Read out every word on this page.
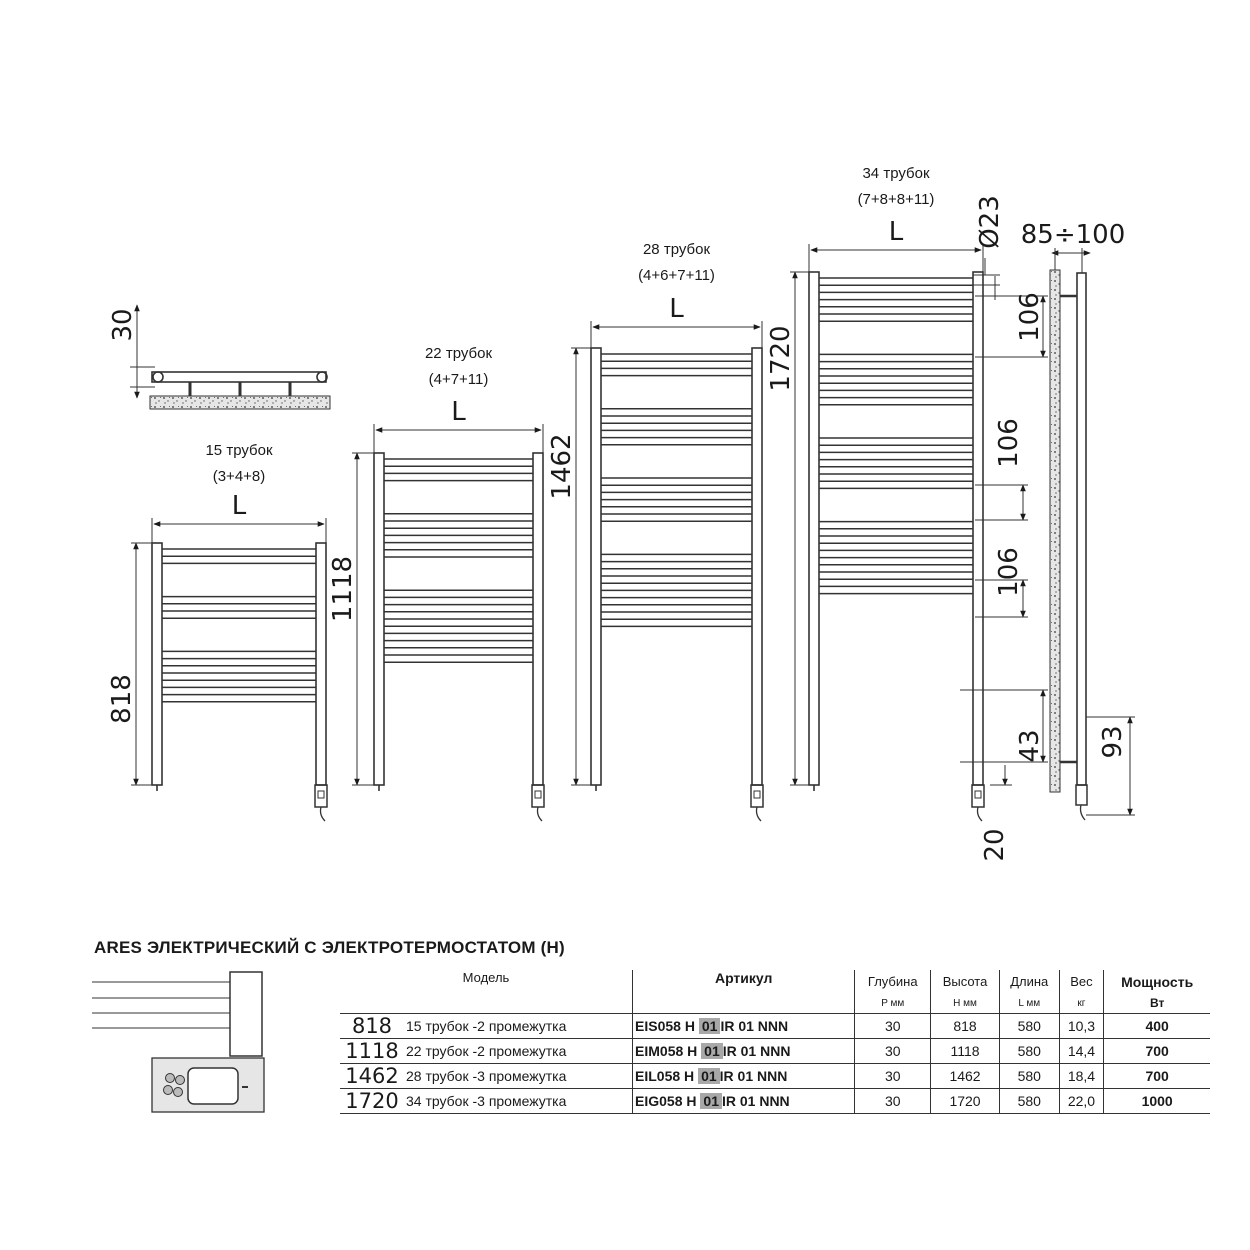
30
L
15 трубок
(3+4+8)
818
L
22 трубок
(4+7+11)
1118
L
28 трубок
(4+6+7+11)
1462
L
34 трубок
(7+8+8+11)
1720
85÷100
93
Ø23
106
106
106
43
20
ARES ЭЛЕКТРИЧЕСКИЙ С ЭЛЕКТРОТЕРМОСТАТОМ (H)
Модель		Артикул	Глубина	Высота	Длина	Вес	Мощность
			P мм	H мм	L мм	кг	Вт
818	15 трубок -2 промежутка	EIS058 H 01 IR 01 NNN	30	818	580	10,3	400
1118	22 трубок -2 промежутка	EIM058 H 01 IR 01 NNN	30	1118	580	14,4	700
1462	28 трубок -3 промежутка	EIL058 H 01 IR 01 NNN	30	1462	580	18,4	700
1720	34 трубок -3 промежутка	EIG058 H 01 IR 01 NNN	30	1720	580	22,0	1000
